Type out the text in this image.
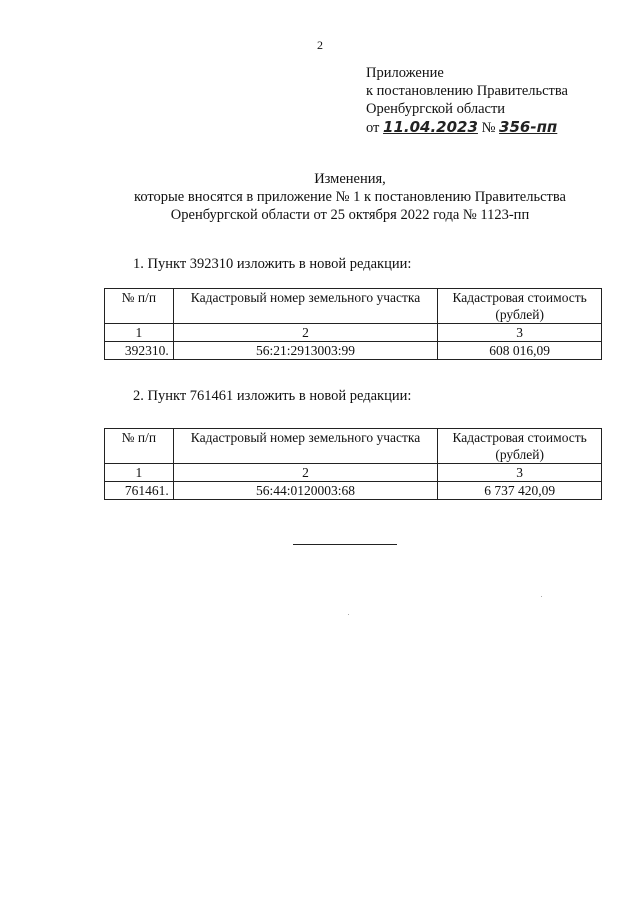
2
Приложение
к постановлению Правительства
Оренбургской области
от 11.04.2023 № 356-пп
Изменения,
которые вносятся в приложение № 1 к постановлению Правительства
Оренбургской области от 25 октября 2022 года № 1123-пп
1. Пункт 392310 изложить в новой редакции:
№ п/п	Кадастровый номер земельного участка	Кадастровая стоимость (рублей)
1	2	3
392310.	56:21:2913003:99	608 016,09
2. Пункт 761461 изложить в новой редакции:
№ п/п	Кадастровый номер земельного участка	Кадастровая стоимость (рублей)
1	2	3
761461.	56:44:0120003:68	6 737 420,09
